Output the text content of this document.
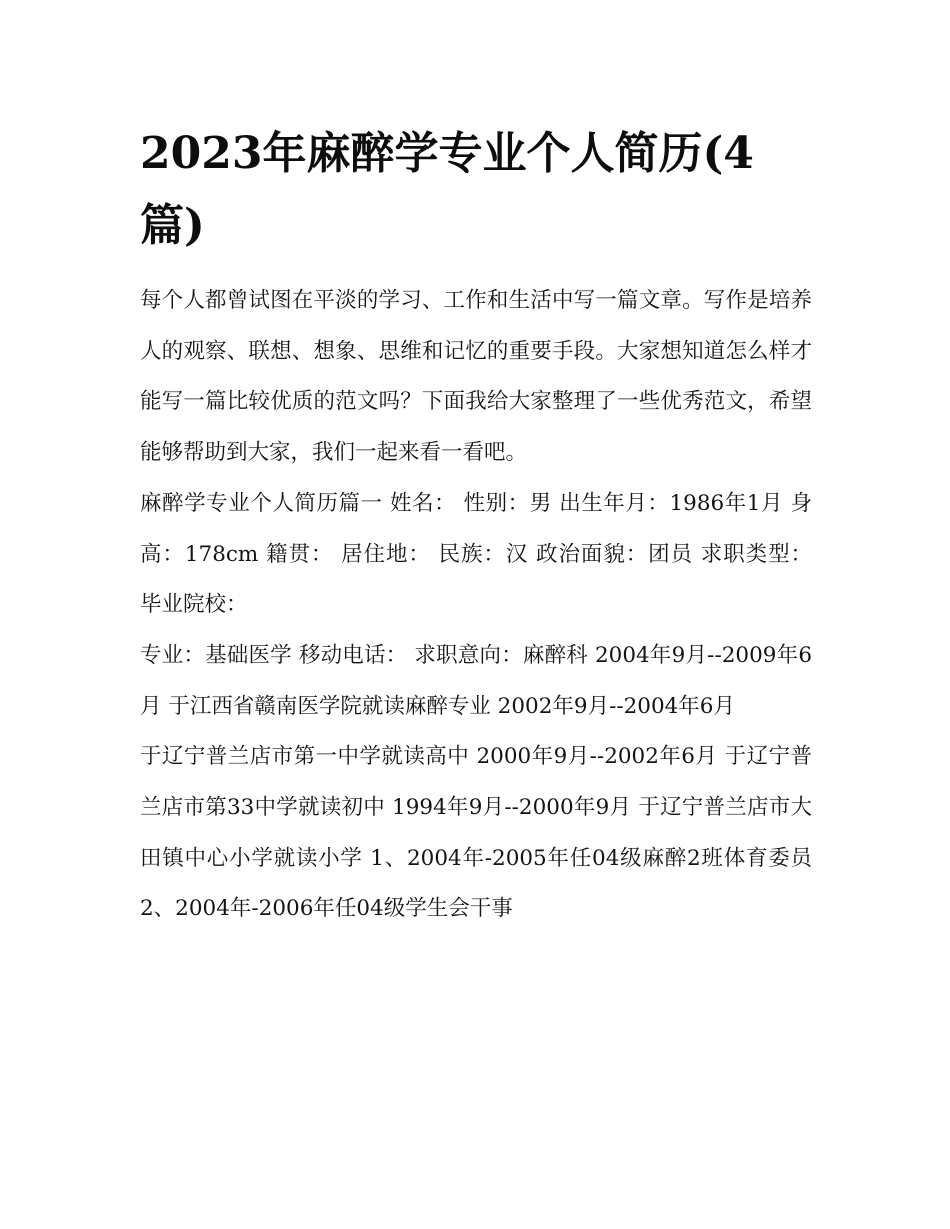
2023年麻醉学专业个人简历(4篇)

每个人都曾试图在平淡的学习、工作和生活中写一篇文章。写作是培养人的观察、联想、想象、思维和记忆的重要手段。大家想知道怎么样才能写一篇比较优质的范文吗？下面我给大家整理了一些优秀范文，希望能够帮助到大家，我们一起来看一看吧。

麻醉学专业个人简历篇一 姓名： 性别：男 出生年月：1986年1月 身高：178cm 籍贯： 居住地： 民族：汉 政治面貌：团员 求职类型： 毕业院校：

专业：基础医学 移动电话： 求职意向：麻醉科 2004年9月--2009年6月 于江西省赣南医学院就读麻醉专业 2002年9月--2004年6月

于辽宁普兰店市第一中学就读高中 2000年9月--2002年6月 于辽宁普兰店市第33中学就读初中 1994年9月--2000年9月 于辽宁普兰店市大田镇中心小学就读小学 1、2004年-2005年任04级麻醉2班体育委员 2、2004年-2006年任04级学生会干事
